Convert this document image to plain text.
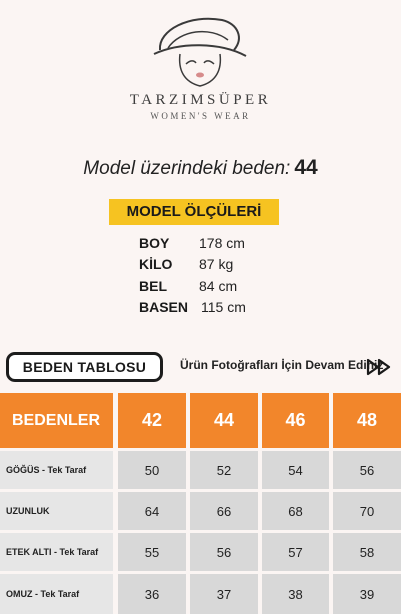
TARZIMSÜPER
WOMEN'S WEAR
Model üzerindeki beden: 44
MODEL ÖLÇÜLERİ
BOY 178 cm
KİLO 87 kg
BEL 84 cm
BASEN 115 cm
BEDEN TABLOSU	Ürün Fotoğrafları İçin Devam Ediniz
BEDENLER	42	44	46	48
GÖĞÜS - Tek Taraf	50	52	54	56
UZUNLUK	64	66	68	70
ETEK ALTI - Tek Taraf	55	56	57	58
OMUZ - Tek Taraf	36	37	38	39
